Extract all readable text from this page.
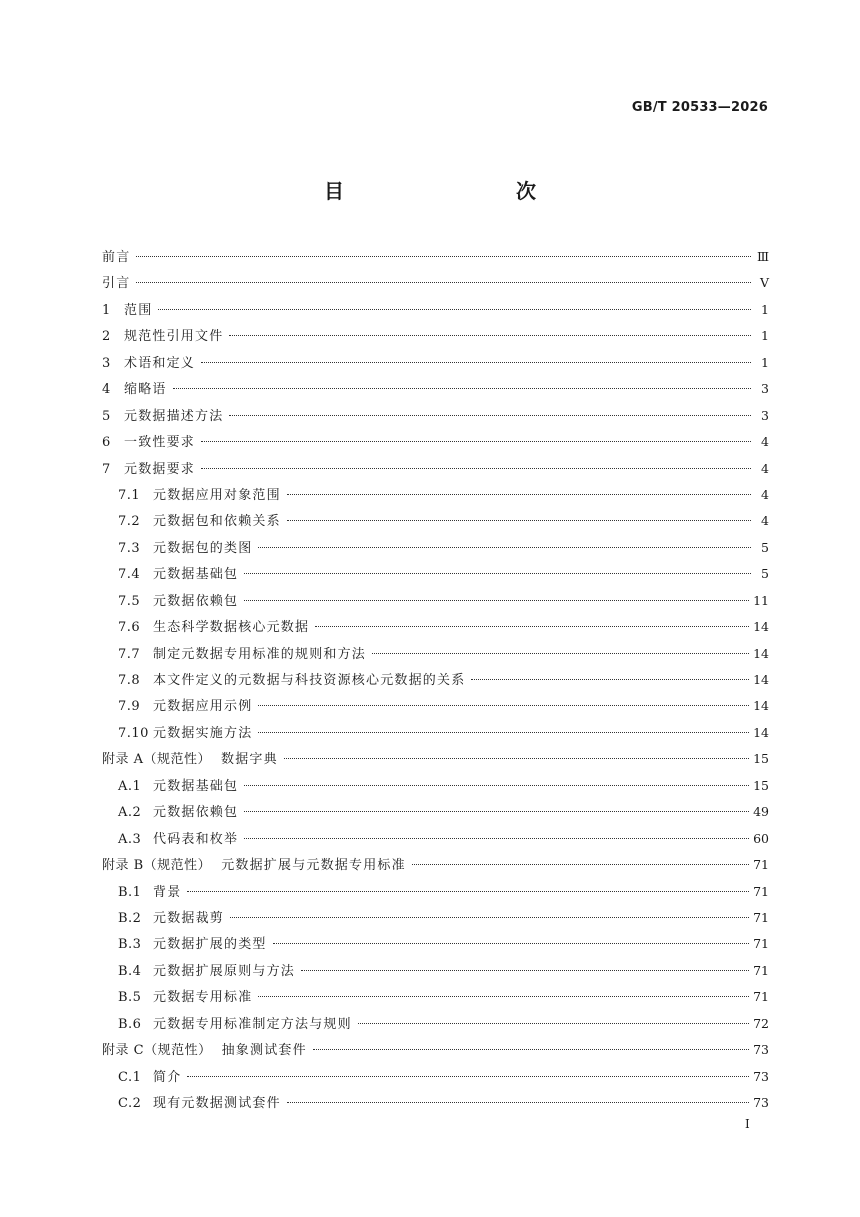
GB/T 20533—2026
目　　次
前言	Ⅲ
引言	Ⅴ
1	范围	1
2	规范性引用文件	1
3	术语和定义	1
4	缩略语	3
5	元数据描述方法	3
6	一致性要求	4
7	元数据要求	4
7.1 元数据应用对象范围	4
7.2 元数据包和依赖关系	4
7.3 元数据包的类图	5
7.4 元数据基础包	5
7.5 元数据依赖包	11
7.6 生态科学数据核心元数据	14
7.7 制定元数据专用标准的规则和方法	14
7.8 本文件定义的元数据与科技资源核心元数据的关系	14
7.9 元数据应用示例	14
7.10 元数据实施方法	14
附录 A（规范性） 数据字典	15
A.1 元数据基础包	15
A.2 元数据依赖包	49
A.3 代码表和枚举	60
附录 B（规范性） 元数据扩展与元数据专用标准	71
B.1 背景	71
B.2 元数据裁剪	71
B.3 元数据扩展的类型	71
B.4 元数据扩展原则与方法	71
B.5 元数据专用标准	71
B.6 元数据专用标准制定方法与规则	72
附录 C（规范性） 抽象测试套件	73
C.1 简介	73
C.2 现有元数据测试套件	73
I
